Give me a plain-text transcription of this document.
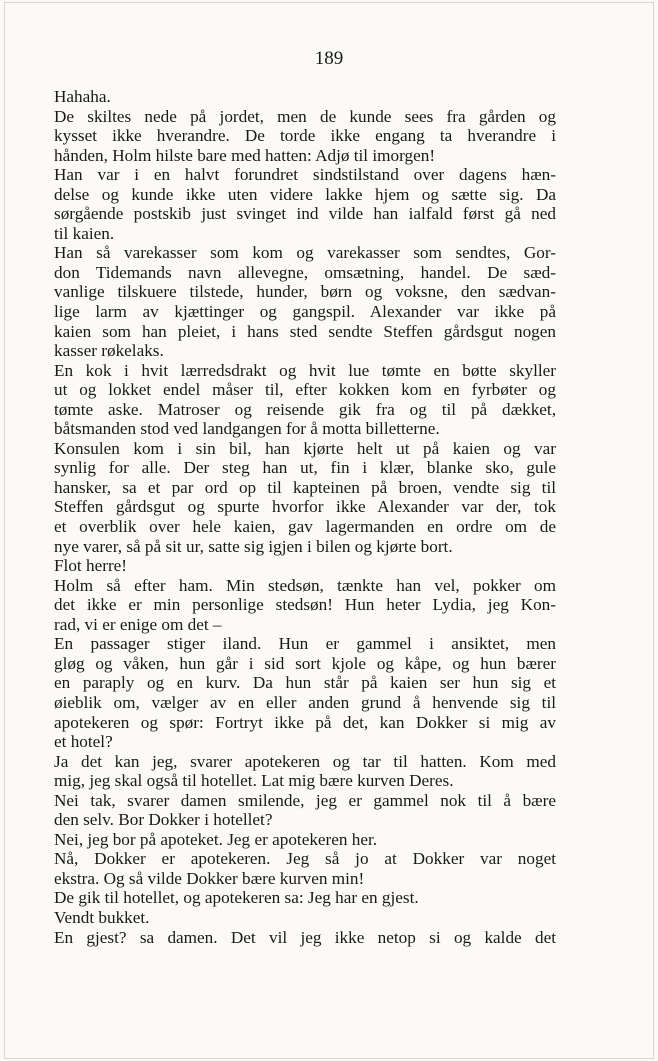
189
Hahaha.
De skiltes nede på jordet, men de kunde sees fra gården og
kysset ikke hverandre. De torde ikke engang ta hverandre i
hånden, Holm hilste bare med hatten: Adjø til imorgen!
Han var i en halvt forundret sindstilstand over dagens hæn-
delse og kunde ikke uten videre lakke hjem og sætte sig. Da
sørgående postskib just svinget ind vilde han ialfald først gå ned
til kaien.
Han så varekasser som kom og varekasser som sendtes, Gor-
don Tidemands navn allevegne, omsætning, handel. De sæd-
vanlige tilskuere tilstede, hunder, børn og voksne, den sædvan-
lige larm av kjættinger og gangspil. Alexander var ikke på
kaien som han pleiet, i hans sted sendte Steffen gårdsgut nogen
kasser røkelaks.
En kok i hvit lærredsdrakt og hvit lue tømte en bøtte skyller
ut og lokket endel måser til, efter kokken kom en fyrbøter og
tømte aske. Matroser og reisende gik fra og til på dækket,
båtsmanden stod ved landgangen for å motta billetterne.
Konsulen kom i sin bil, han kjørte helt ut på kaien og var
synlig for alle. Der steg han ut, fin i klær, blanke sko, gule
hansker, sa et par ord op til kapteinen på broen, vendte sig til
Steffen gårdsgut og spurte hvorfor ikke Alexander var der, tok
et overblik over hele kaien, gav lagermanden en ordre om de
nye varer, så på sit ur, satte sig igjen i bilen og kjørte bort.
Flot herre!
Holm så efter ham. Min stedsøn, tænkte han vel, pokker om
det ikke er min personlige stedsøn! Hun heter Lydia, jeg Kon-
rad, vi er enige om det –
En passager stiger iland. Hun er gammel i ansiktet, men
gløg og våken, hun går i sid sort kjole og kåpe, og hun bærer
en paraply og en kurv. Da hun står på kaien ser hun sig et
øieblik om, vælger av en eller anden grund å henvende sig til
apotekeren og spør: Fortryt ikke på det, kan Dokker si mig av
et hotel?
Ja det kan jeg, svarer apotekeren og tar til hatten. Kom med
mig, jeg skal også til hotellet. Lat mig bære kurven Deres.
Nei tak, svarer damen smilende, jeg er gammel nok til å bære
den selv. Bor Dokker i hotellet?
Nei, jeg bor på apoteket. Jeg er apotekeren her.
Nå, Dokker er apotekeren. Jeg så jo at Dokker var noget
ekstra. Og så vilde Dokker bære kurven min!
De gik til hotellet, og apotekeren sa: Jeg har en gjest.
Vendt bukket.
En gjest? sa damen. Det vil jeg ikke netop si og kalde det
